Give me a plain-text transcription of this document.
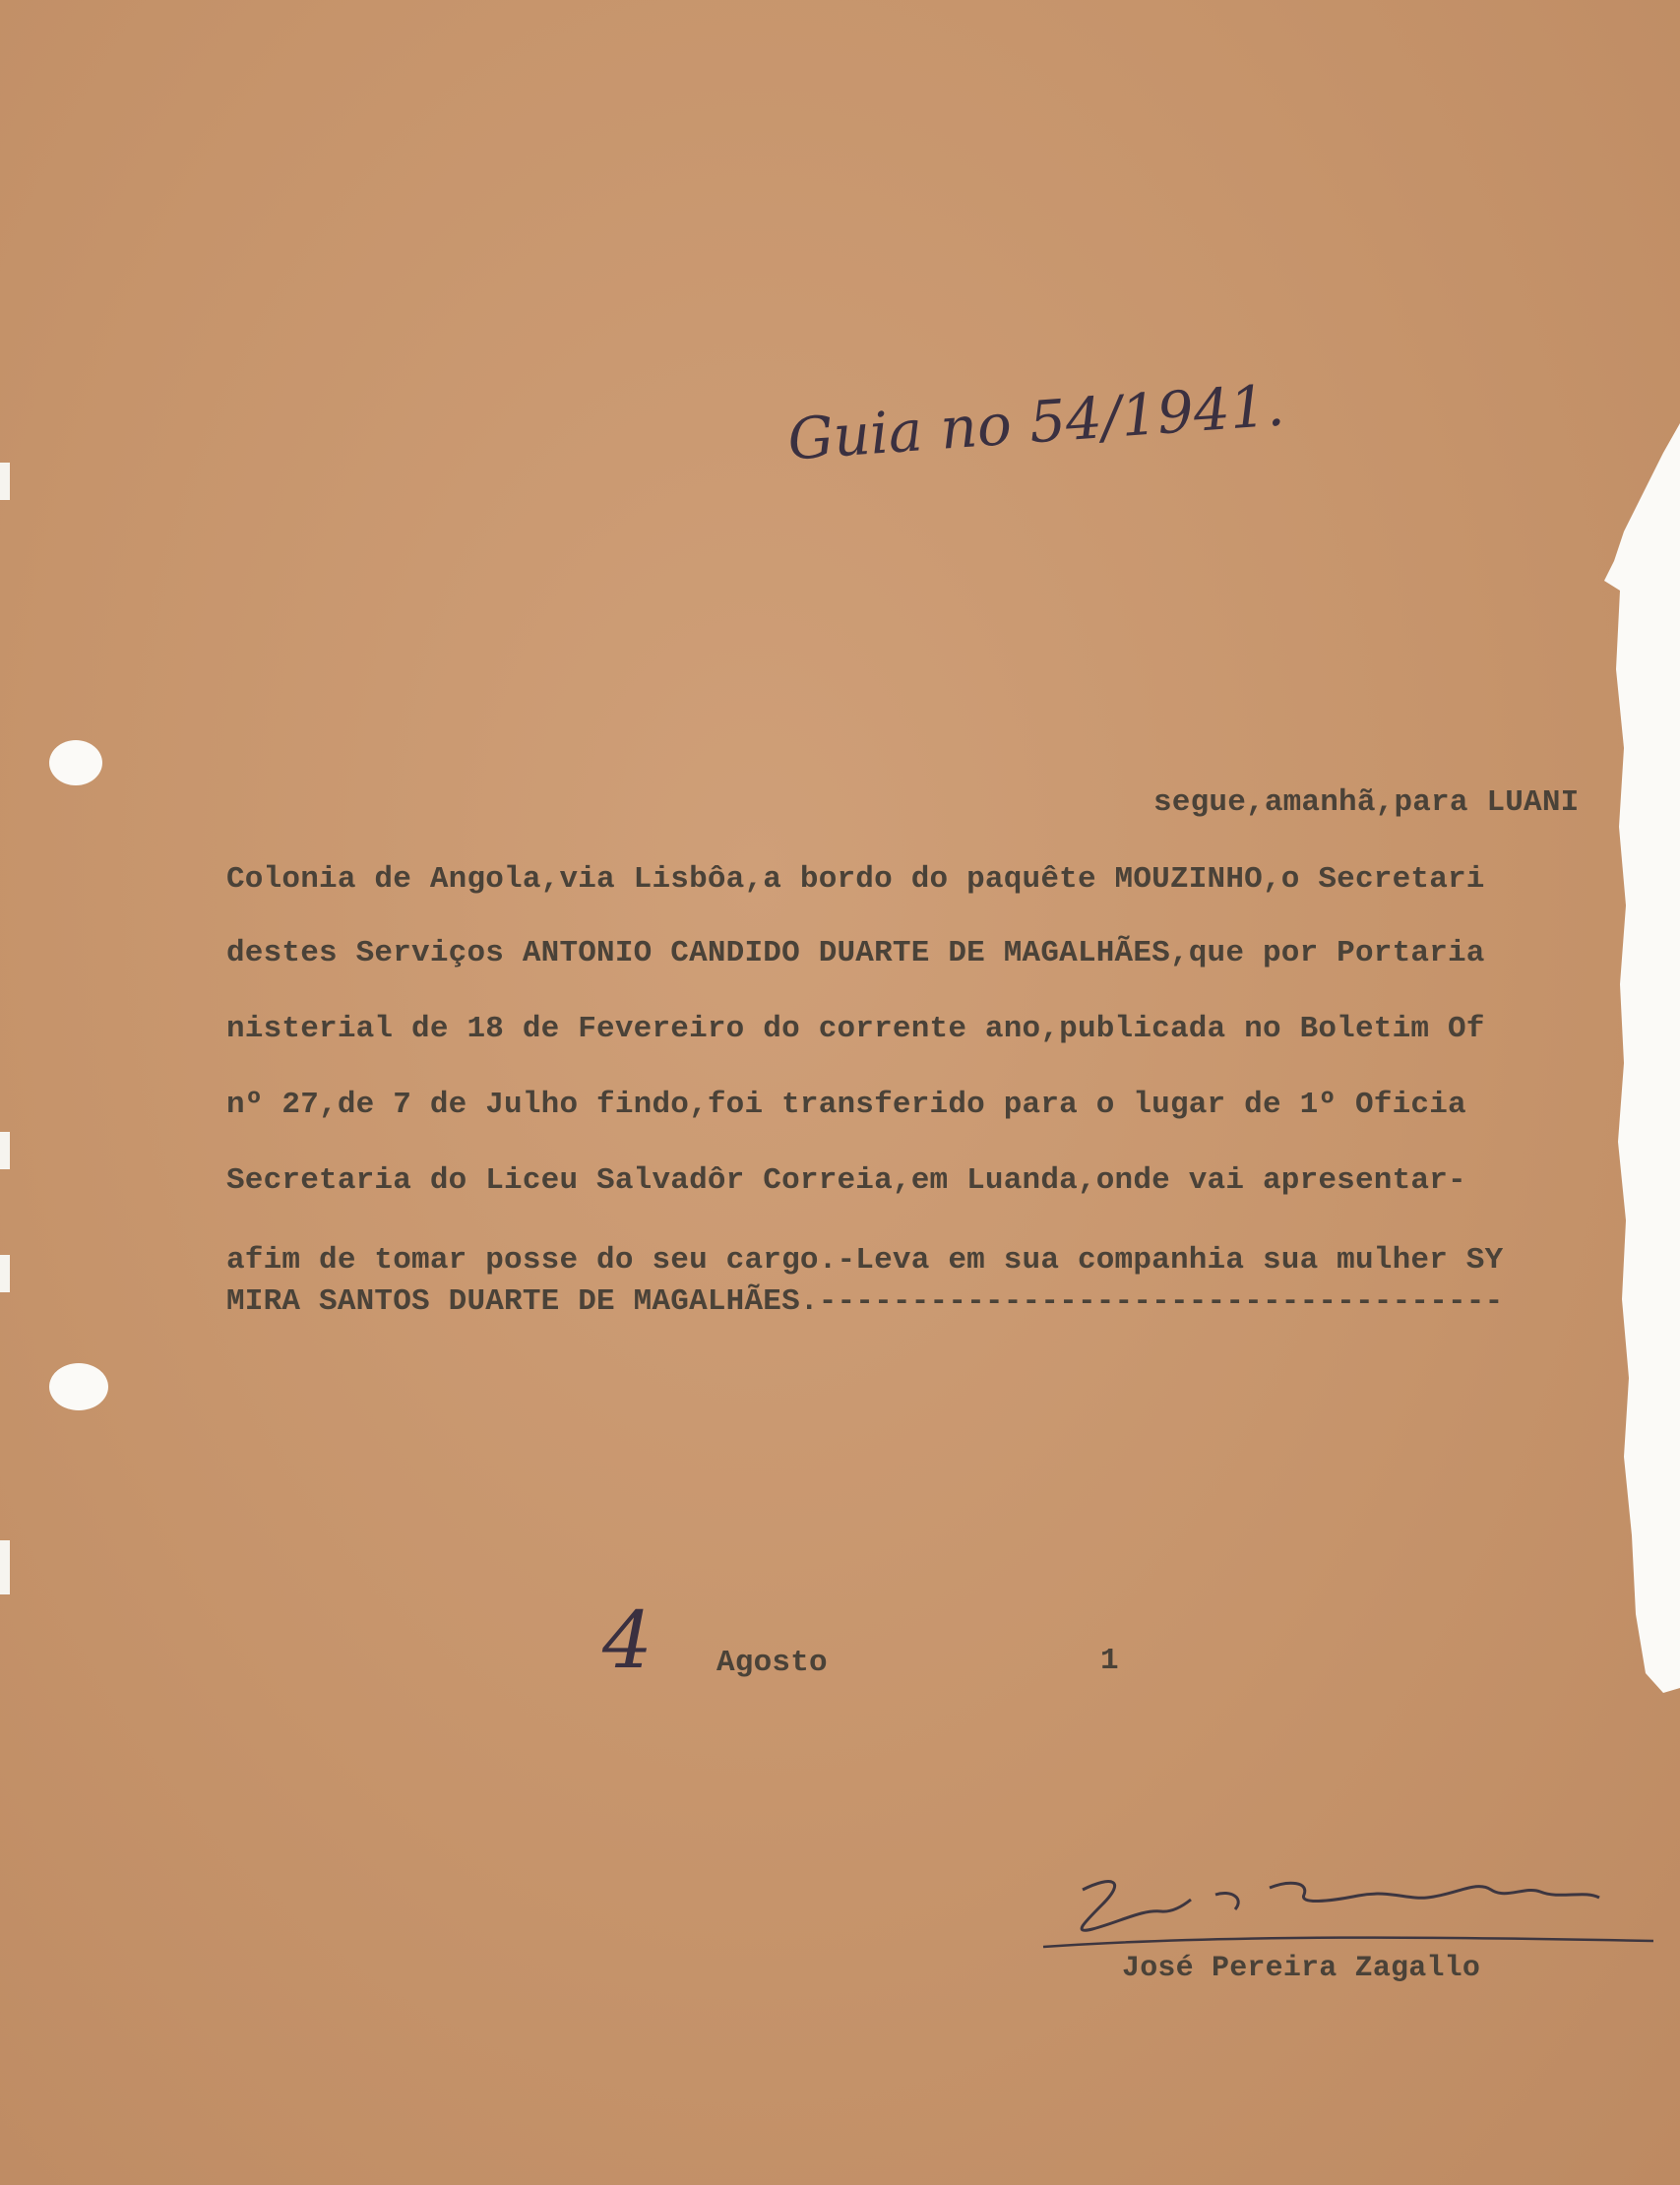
Guia no 54/1941.
segue,amanhã,para LUANI
Colonia de Angola,via Lisbôa,a bordo do paquête MOUZINHO,o Secretari
destes Serviços ANTONIO CANDIDO DUARTE DE MAGALHÃES,que por Portaria
nisterial de 18 de Fevereiro do corrente ano,publicada no Boletim Of
nº 27,de 7 de Julho findo,foi transferido para o lugar de 1º Oficia
Secretaria do Liceu Salvadôr Correia,em Luanda,onde vai apresentar-
afim de tomar posse do seu cargo.-Leva em sua companhia sua mulher SY
MIRA SANTOS DUARTE DE MAGALHÃES.-------------------------------------
4 Agosto	1
José Pereira Zagallo
